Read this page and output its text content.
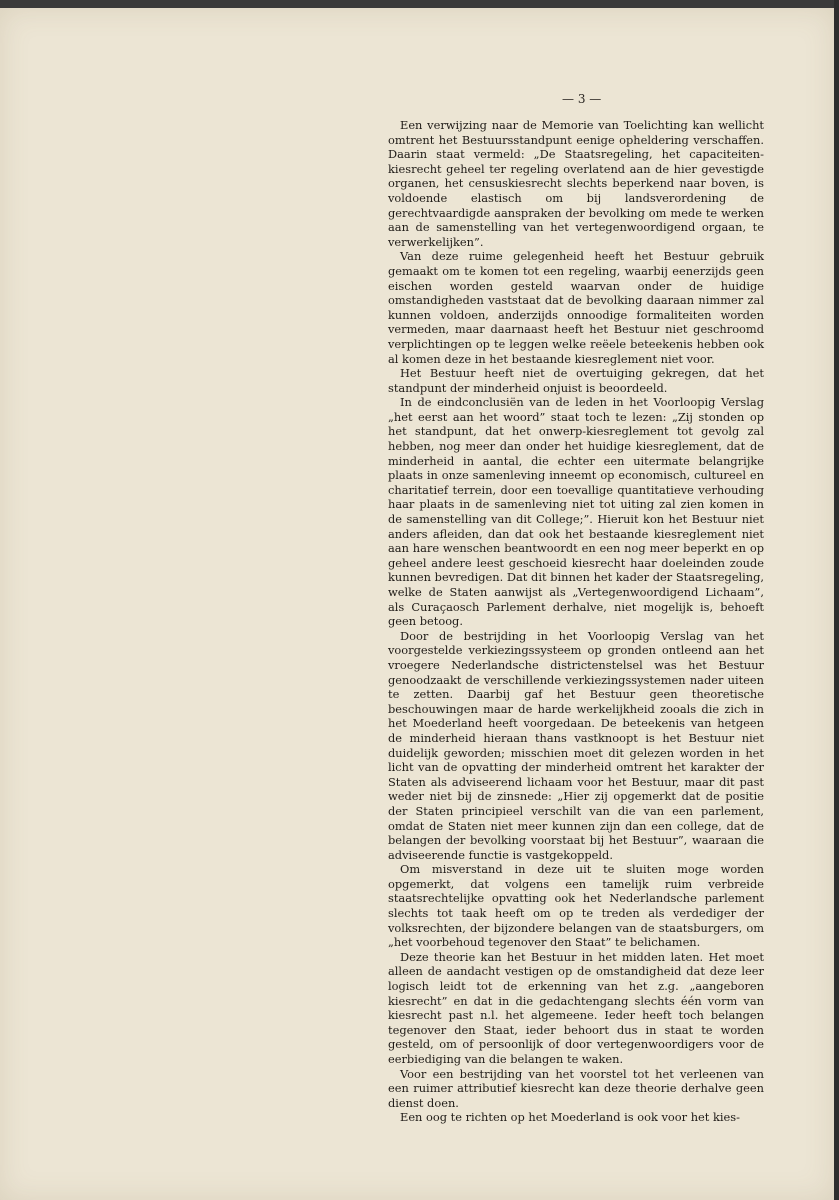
— 3 —

Een verwijzing naar de Memorie van Toelichting kan wellicht omtrent het Bestuursstandpunt eenige opheldering verschaffen. Daarin staat vermeld: „De Staatsregeling, het capaciteiten-kiesrecht geheel ter regeling overlatend aan de hier gevestigde organen, het censuskiesrecht slechts beperkend naar boven, is voldoende elastisch om bij landsverordening de gerechtvaardigde aanspraken der bevolking om mede te werken aan de samenstelling van het vertegenwoordigend orgaan, te verwerkelijken”.

Van deze ruime gelegenheid heeft het Bestuur gebruik gemaakt om te komen tot een regeling, waarbij eenerzijds geen eischen worden gesteld waarvan onder de huidige omstandigheden vaststaat dat de bevolking daaraan nimmer zal kunnen voldoen, anderzijds onnoodige formaliteiten worden vermeden, maar daarnaast heeft het Bestuur niet geschroomd verplichtingen op te leggen welke reëele beteekenis hebben ook al komen deze in het bestaande kiesreglement niet voor.

Het Bestuur heeft niet de overtuiging gekregen, dat het standpunt der minderheid onjuist is beoordeeld.

In de eindconclusiën van de leden in het Voorloopig Verslag „het eerst aan het woord” staat toch te lezen: „Zij stonden op het standpunt, dat het onwerp-kiesreglement tot gevolg zal hebben, nog meer dan onder het huidige kiesreglement, dat de minderheid in aantal, die echter een uitermate belangrijke plaats in onze samenleving inneemt op economisch, cultureel en charitatief terrein, door een toevallige quantitatieve verhouding haar plaats in de samenleving niet tot uiting zal zien komen in de samenstelling van dit College;”. Hieruit kon het Bestuur niet anders afleiden, dan dat ook het bestaande kiesreglement niet aan hare wenschen beantwoordt en een nog meer beperkt en op geheel andere leest geschoeid kiesrecht haar doeleinden zoude kunnen bevredigen. Dat dit binnen het kader der Staatsregeling, welke de Staten aanwijst als „Vertegenwoordigend Lichaam”, als Curaçaosch Parlement derhalve, niet mogelijk is, behoeft geen betoog.

Door de bestrijding in het Voorloopig Verslag van het voorgestelde verkiezingssysteem op gronden ontleend aan het vroegere Nederlandsche districtenstelsel was het Bestuur genoodzaakt de verschillende verkiezingssystemen nader uiteen te zetten. Daarbij gaf het Bestuur geen theoretische beschouwingen maar de harde werkelijkheid zooals die zich in het Moederland heeft voorgedaan. De beteekenis van hetgeen de minderheid hieraan thans vastknoopt is het Bestuur niet duidelijk geworden; misschien moet dit gelezen worden in het licht van de opvatting der minderheid omtrent het karakter der Staten als adviseerend lichaam voor het Bestuur, maar dit past weder niet bij de zinsnede: „Hier zij opgemerkt dat de positie der Staten principieel verschilt van die van een parlement, omdat de Staten niet meer kunnen zijn dan een college, dat de belangen der bevolking voorstaat bij het Bestuur”, waaraan die adviseerende functie is vastgekoppeld.

Om misverstand in deze uit te sluiten moge worden opgemerkt, dat volgens een tamelijk ruim verbreide staatsrechtelijke opvatting ook het Nederlandsche parlement slechts tot taak heeft om op te treden als verdediger der volksrechten, der bijzondere belangen van de staatsburgers, om „het voorbehoud tegenover den Staat” te belichamen.

Deze theorie kan het Bestuur in het midden laten. Het moet alleen de aandacht vestigen op de omstandigheid dat deze leer logisch leidt tot de erkenning van het z.g. „aangeboren kiesrecht” en dat in die gedachtengang slechts één vorm van kiesrecht past n.l. het algemeene. Ieder heeft toch belangen tegenover den Staat, ieder behoort dus in staat te worden gesteld, om of persoonlijk of door vertegenwoordigers voor de eerbiediging van die belangen te waken.

Voor een bestrijding van het voorstel tot het verleenen van een ruimer attributief kiesrecht kan deze theorie derhalve geen dienst doen.

Een oog te richten op het Moederland is ook voor het kies-
